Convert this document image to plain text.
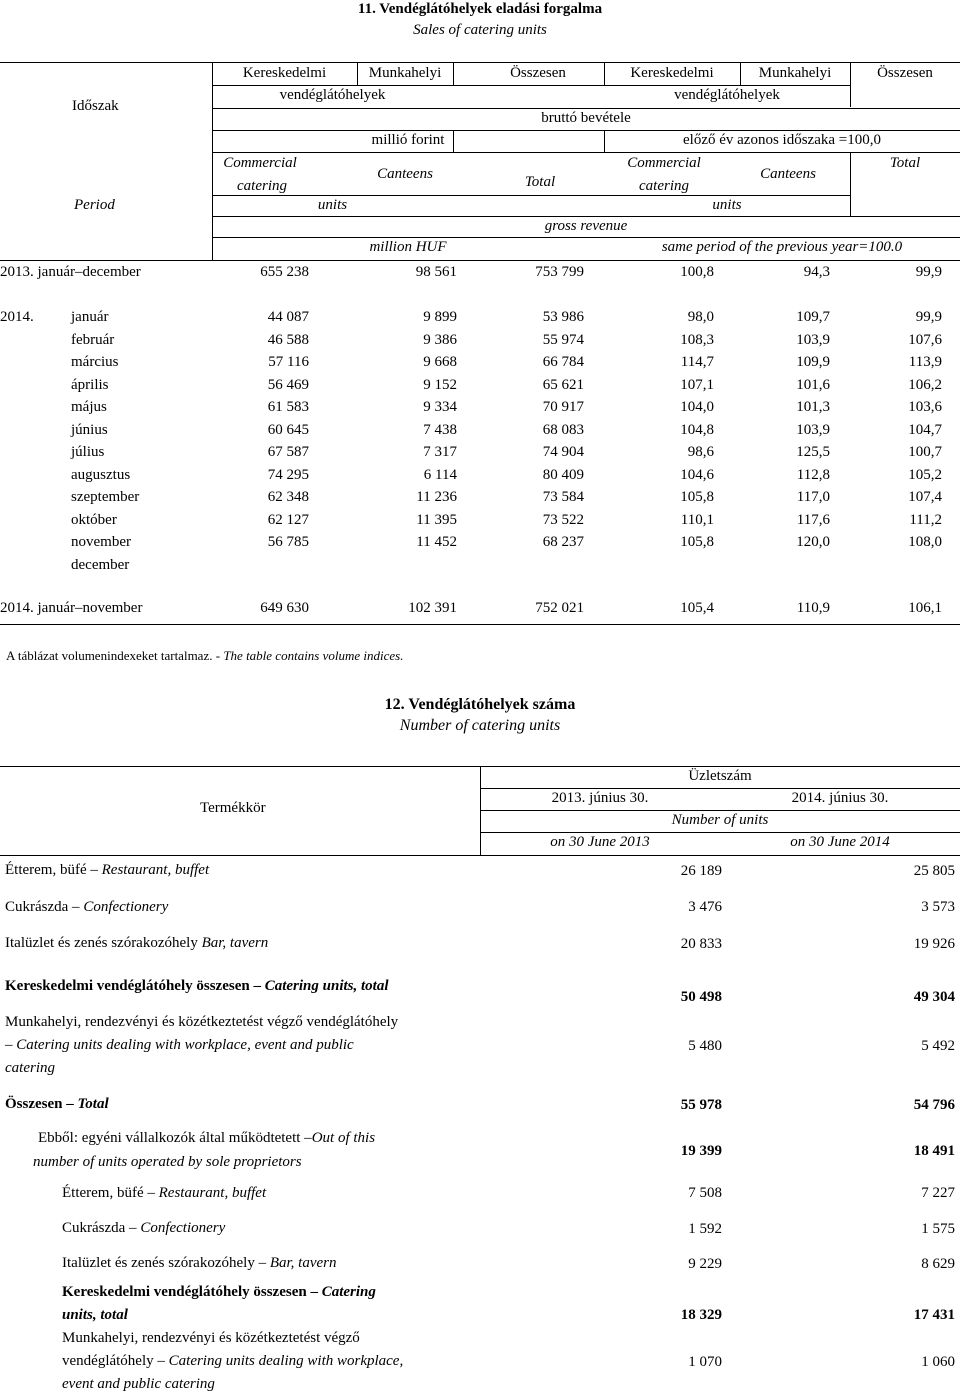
11. Vendéglátóhelyek eladási forgalma
Sales of catering units
Időszak
Period
Kereskedelmi	Munkahelyi	Összesen	Kereskedelmi	Munkahelyi	Összesen
vendéglátóhelyek	vendéglátóhelyek
bruttó bevétele
millió forint	előző év azonos időszaka =100,0
Commercial
catering
Canteens	Total
Commercial
catering
Canteens
Total
units	units
gross revenue
million HUF	same period of the previous year=100.0
2013. január–december	655 238	98 561	753 799	100,8	94,3	99,9
2014. január	44 087	9 899	53 986	98,0	109,7	99,9
február	46 588	9 386	55 974	108,3	103,9	107,6
március	57 116	9 668	66 784	114,7	109,9	113,9
április	56 469	9 152	65 621	107,1	101,6	106,2
május	61 583	9 334	70 917	104,0	101,3	103,6
június	60 645	7 438	68 083	104,8	103,9	104,7
július	67 587	7 317	74 904	98,6	125,5	100,7
augusztus	74 295	6 114	80 409	104,6	112,8	105,2
szeptember	62 348	11 236	73 584	105,8	117,0	107,4
október	62 127	11 395	73 522	110,1	117,6	111,2
november	56 785	11 452	68 237	105,8	120,0	108,0
december
2014. január–november	649 630	102 391	752 021	105,4	110,9	106,1
A táblázat volumenindexeket tartalmaz. - The table contains volume indices.
12. Vendéglátóhelyek száma
Number of catering units
Termékkör
Üzletszám
2013. június 30.	2014. június 30.
Number of units
on 30 June 2013	on 30 June 2014
Étterem, büfé – Restaurant, buffet	26 189	25 805
Cukrászda – Confectionery	3 476	3 573
Italüzlet és zenés szórakozóhely Bar, tavern	20 833	19 926
Kereskedelmi vendéglátóhely összesen – Catering units, total
50 498	49 304
Munkahelyi, rendezvényi és közétkeztetést végző vendéglátóhely
– Catering units dealing with workplace, event and public
catering
5 480	5 492
Összesen – Total	55 978	54 796
Ebből: egyéni vállalkozók által működtetett –Out of this
number of units operated by sole proprietors
19 399	18 491
Étterem, büfé – Restaurant, buffet	7 508	7 227
Cukrászda – Confectionery	1 592	1 575
Italüzlet és zenés szórakozóhely – Bar, tavern	9 229	8 629
Kereskedelmi vendéglátóhely összesen – Catering
units, total	18 329	17 431
Munkahelyi, rendezvényi és közétkeztetést végző
vendéglátóhely – Catering units dealing with workplace,
event and public catering
1 070	1 060
